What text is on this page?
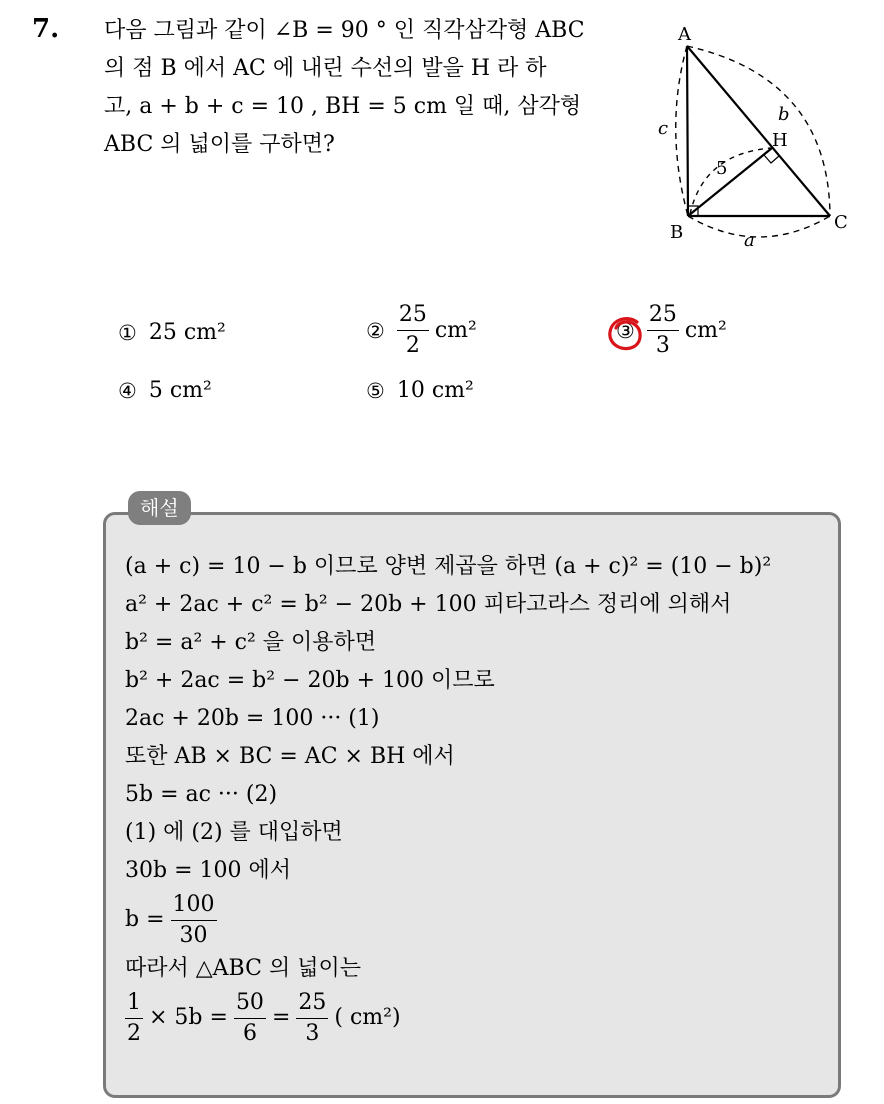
7. 다음 그림과 같이 ∠B = 90 ° 인 직각삼각형 ABC
의 점 B 에서 AC 에 내린 수선의 발을 H 라 하
고, a + b + c = 10 , BH = 5 cm 일 때, 삼각형
ABC 의 넓이를 구하면?
A
B	C
H
c
b
a
5
① 25 cm²	② $\frac{25}{2} cm^2$	③ $\frac{25}{3} cm^2$
④ 5 cm²	⑤ 10 cm²
해설
(a + c) = 10 − b 이므로 양변 제곱을 하면 (a + c)² = (10 − b)²
a² + 2ac + c² = b² − 20b + 100 피타고라스 정리에 의해서
b² = a² + c² 을 이용하면
b² + 2ac = b² − 20b + 100 이므로
2ac + 20b = 100 ··· (1)
또한 AB × BC = AC × BH 에서
5b = ac ··· (2)
(1) 에 (2) 를 대입하면
30b = 100 에서
$b = \frac{100}{30}$
따라서 △ABC 의 넓이는
$\frac{1}{2} \times 5b = \frac{50}{6} = \frac{25}{3}$ ( cm²)
